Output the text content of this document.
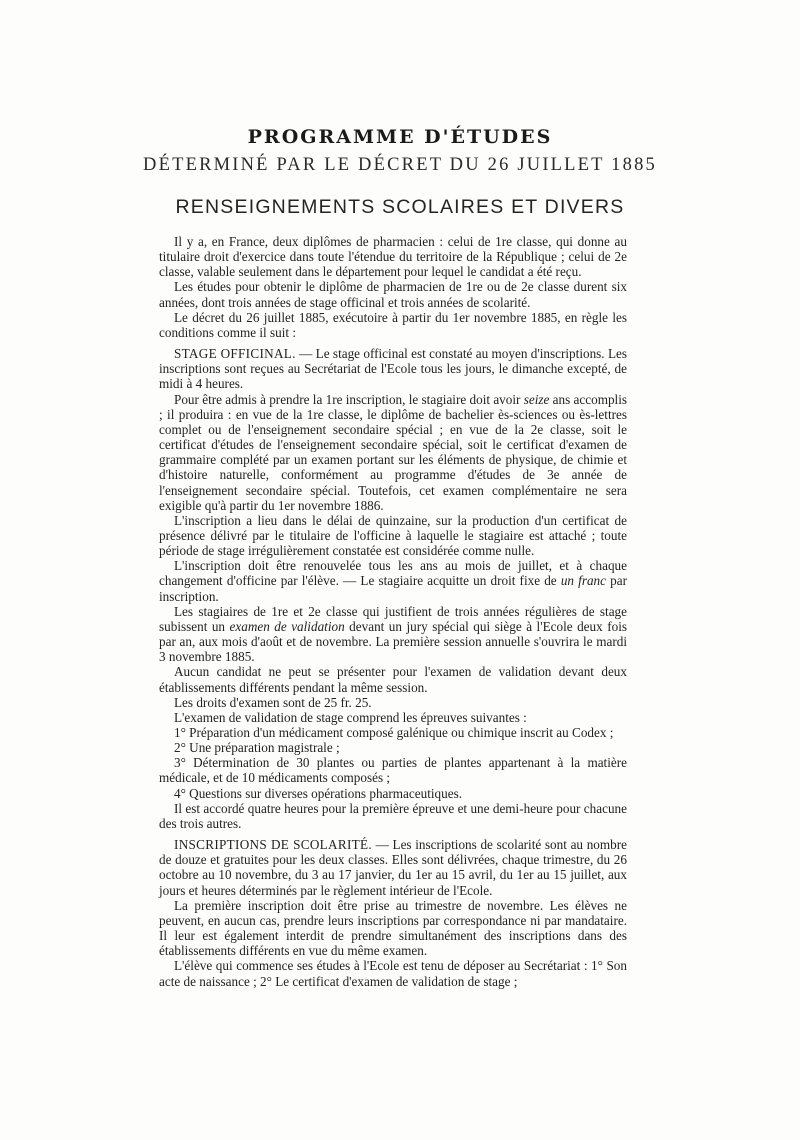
PROGRAMME D'ÉTUDES
DÉTERMINÉ PAR LE DÉCRET DU 26 JUILLET 1885
RENSEIGNEMENTS SCOLAIRES ET DIVERS

Il y a, en France, deux diplômes de pharmacien : celui de 1re classe, qui donne au titulaire droit d'exercice dans toute l'étendue du territoire de la République ; celui de 2e classe, valable seulement dans le département pour lequel le candidat a été reçu.

Les études pour obtenir le diplôme de pharmacien de 1re ou de 2e classe durent six années, dont trois années de stage officinal et trois années de scolarité.

Le décret du 26 juillet 1885, exécutoire à partir du 1er novembre 1885, en règle les conditions comme il suit :

STAGE OFFICINAL. — Le stage officinal est constaté au moyen d'inscriptions. Les inscriptions sont reçues au Secrétariat de l'Ecole tous les jours, le dimanche excepté, de midi à 4 heures.

Pour être admis à prendre la 1re inscription, le stagiaire doit avoir seize ans accomplis ; il produira : en vue de la 1re classe, le diplôme de bachelier ès-sciences ou ès-lettres complet ou de l'enseignement secondaire spécial ; en vue de la 2e classe, soit le certificat d'études de l'enseignement secondaire spécial, soit le certificat d'examen de grammaire complété par un examen portant sur les éléments de physique, de chimie et d'histoire naturelle, conformément au programme d'études de 3e année de l'enseignement secondaire spécial. Toutefois, cet examen complémentaire ne sera exigible qu'à partir du 1er novembre 1886.

L'inscription a lieu dans le délai de quinzaine, sur la production d'un certificat de présence délivré par le titulaire de l'officine à laquelle le stagiaire est attaché ; toute période de stage irrégulièrement constatée est considérée comme nulle.

L'inscription doit être renouvelée tous les ans au mois de juillet, et à chaque changement d'officine par l'élève. — Le stagiaire acquitte un droit fixe de un franc par inscription.

Les stagiaires de 1re et 2e classe qui justifient de trois années régulières de stage subissent un examen de validation devant un jury spécial qui siège à l'Ecole deux fois par an, aux mois d'août et de novembre. La première session annuelle s'ouvrira le mardi 3 novembre 1885.

Aucun candidat ne peut se présenter pour l'examen de validation devant deux établissements différents pendant la même session.

Les droits d'examen sont de 25 fr. 25.

L'examen de validation de stage comprend les épreuves suivantes :

1° Préparation d'un médicament composé galénique ou chimique inscrit au Codex ;

2° Une préparation magistrale ;

3° Détermination de 30 plantes ou parties de plantes appartenant à la matière médicale, et de 10 médicaments composés ;

4° Questions sur diverses opérations pharmaceutiques.

Il est accordé quatre heures pour la première épreuve et une demi-heure pour chacune des trois autres.

INSCRIPTIONS DE SCOLARITÉ. — Les inscriptions de scolarité sont au nombre de douze et gratuites pour les deux classes. Elles sont délivrées, chaque trimestre, du 26 octobre au 10 novembre, du 3 au 17 janvier, du 1er au 15 avril, du 1er au 15 juillet, aux jours et heures déterminés par le règlement intérieur de l'Ecole.

La première inscription doit être prise au trimestre de novembre. Les élèves ne peuvent, en aucun cas, prendre leurs inscriptions par correspondance ni par mandataire. Il leur est également interdit de prendre simultanément des inscriptions dans des établissements différents en vue du même examen.

L'élève qui commence ses études à l'Ecole est tenu de déposer au Secrétariat : 1° Son acte de naissance ; 2° Le certificat d'examen de validation de stage ;
